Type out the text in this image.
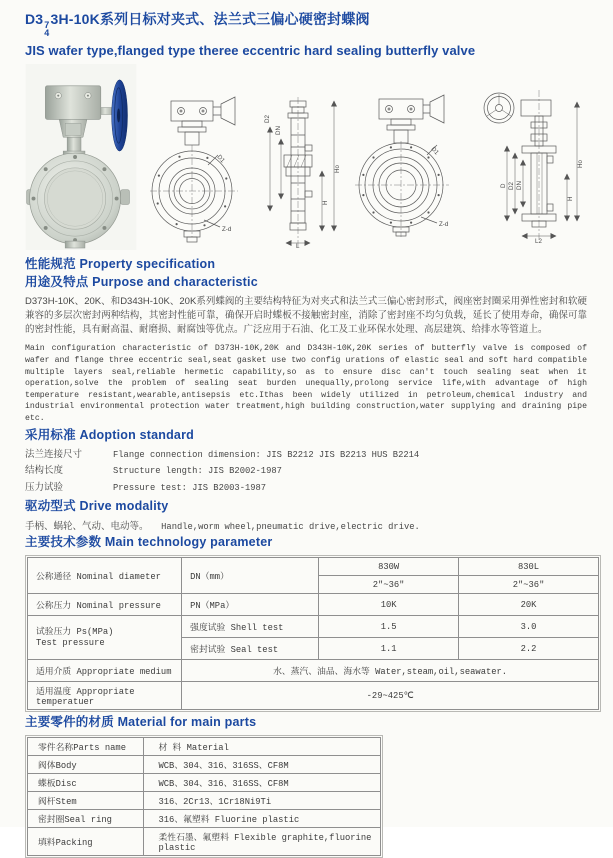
D3 7
4
3H-10K系列日标对夹式、法兰式三偏心硬密封蝶阀
JIS wafer type,flanged type theree eccentric hard sealing butterfly valve
D1
Z-d
D2
DN
Ho
H
L
D1
Z-d
D D2 DN
Ho
H
L2
性能规范 Property specification
用途及特点 Purpose and characteristic

D373H-10K、20K、和D343H-10K、20K系列蝶阀的主要结构特征为对夹式和法兰式三偏心密封形式，阀座密封圈采用弹性密封和软硬兼容的多层次密封两种结构，其密封性能可靠，确保开启时蝶板不接触密封座，消除了密封座不均匀负载，延长了使用寿命，确保可靠的密封性能，具有耐高温、耐磨损、耐腐蚀等优点。广泛应用于石油、化工及工业环保水处理、高层建筑、给排水等管道上。

Main configuration characteristic of D373H-10K,20K and D343H-10K,20K series of butterfly valve is composed of wafer and flange three eccentric seal,seat gasket use two config urations of elastic seal and soft hard compatible multiple layers seal,reliable hermetic capability,so as to ensure disc can't touch sealing seat when it operation,solve the problem of sealing seat burden unequally,prolong service life,with advantage of high temperature resistant,wearable,antisepsis etc.Ithas been widely utilized in petroleum,chemical industry and industrial environmental protection water treatment,high building construction,water supplying and draining pipe etc.

采用标准 Adoption standard
法兰连接尺寸	Flange connection dimension: JIS B2212 JIS B2213 HUS B2214
结构长度	Structure length: JIS B2002-1987
压力试验	Pressure test: JIS B2003-1987
驱动型式 Drive modality

手柄、蜗轮、气动、电动等。 Handle,worm wheel,pneumatic drive,electric drive.

主要技术参数 Main technology parameter
公称通径 Nominal diameter	DN（mm）	830W	830L
		2″~36″	2″~36″
公称压力 Nominal pressure	PN（MPa）	10K	20K

试验压力 Ps(MPa)
Test pressure	强度试验 Shell test	1.5	3.0
	密封试验 Seal test	1.1	2.2
适用介质 Appropriate medium	水、蒸汽、油品、海水等 Water,steam,oil,seawater.		
适用温度 Appropriate temperatuer	-29~425℃		
主要零件的材质 Material for main parts
零件名称Parts name	材 料 Material
阀体Body	WCB、304、316、316SS、CF8M
蝶板Disc	WCB、304、316、316SS、CF8M
阀杆Stem	316、2Cr13、1Cr18Ni9Ti
密封圈Seal ring	316、氟塑料 Fluorine plastic
填料Packing	柔性石墨、氟塑料 Flexible graphite,fluorine plastic
